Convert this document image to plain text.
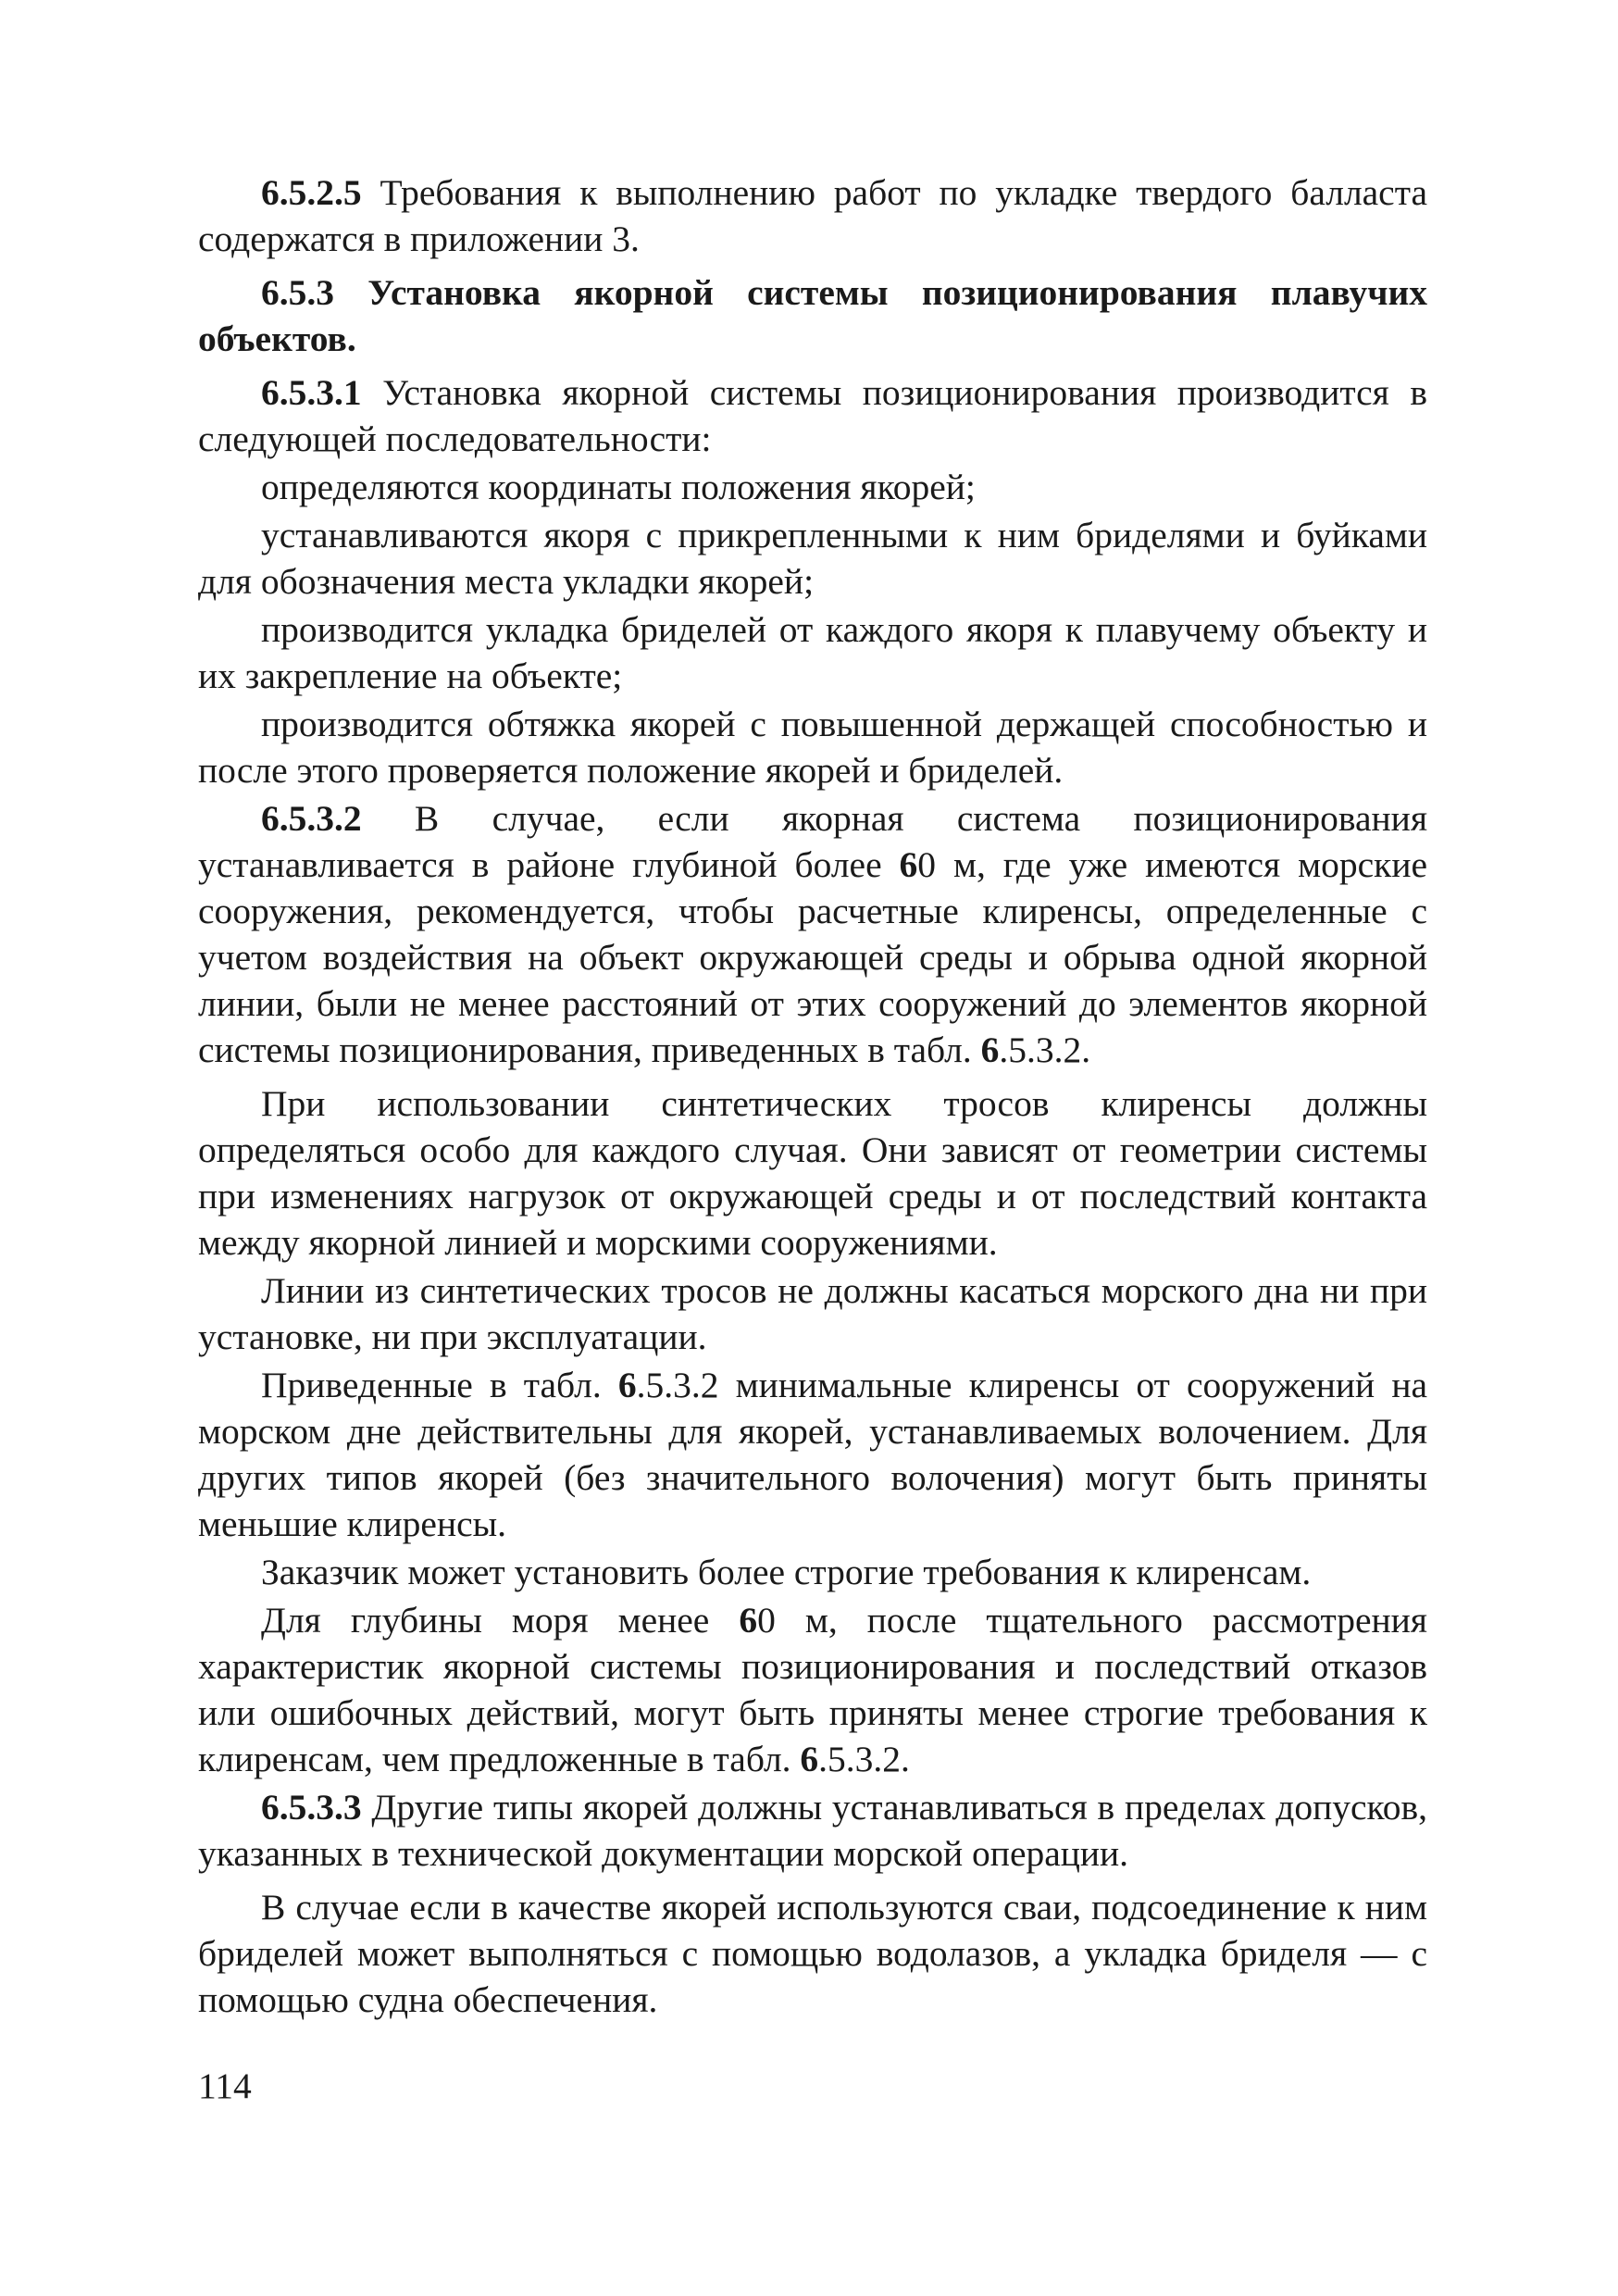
6.5.2.5 Требования к выполнению работ по укладке твердого балласта содержатся в приложении 3.

6.5.3 Установка якорной системы позиционирования плавучих объектов.

6.5.3.1 Установка якорной системы позиционирования производится в следующей последовательности:

определяются координаты положения якорей;

устанавливаются якоря с прикрепленными к ним бриделями и буйками для обозначения места укладки якорей;

производится укладка бриделей от каждого якоря к плавучему объекту и их закрепление на объекте;

производится обтяжка якорей с повышенной держащей способностью и после этого проверяется положение якорей и бриделей.

6.5.3.2 В случае, если якорная система позиционирования устанавливается в районе глубиной более 60 м, где уже имеются морские сооружения, рекомендуется, чтобы расчетные клиренсы, определенные с учетом воздействия на объект окружающей среды и обрыва одной якорной линии, были не менее расстояний от этих сооружений до элементов якорной системы позиционирования, приведенных в табл. 6.5.3.2.

При использовании синтетических тросов клиренсы должны определяться особо для каждого случая. Они зависят от геометрии системы при изменениях нагрузок от окружающей среды и от последствий контакта между якорной линией и морскими сооружениями.

Линии из синтетических тросов не должны касаться морского дна ни при установке, ни при эксплуатации.

Приведенные в табл. 6.5.3.2 минимальные клиренсы от сооружений на морском дне действительны для якорей, устанавливаемых волочением. Для других типов якорей (без значительного волочения) могут быть приняты меньшие клиренсы.

Заказчик может установить более строгие требования к клиренсам.

Для глубины моря менее 60 м, после тщательного рассмотрения характеристик якорной системы позиционирования и последствий отказов или ошибочных действий, могут быть приняты менее строгие требования к клиренсам, чем предложенные в табл. 6.5.3.2.

6.5.3.3 Другие типы якорей должны устанавливаться в пределах допусков, указанных в технической документации морской операции.

В случае если в качестве якорей используются сваи, подсоединение к ним бриделей может выполняться с помощью водолазов, а укладка бриделя — с помощью судна обеспечения.

114
